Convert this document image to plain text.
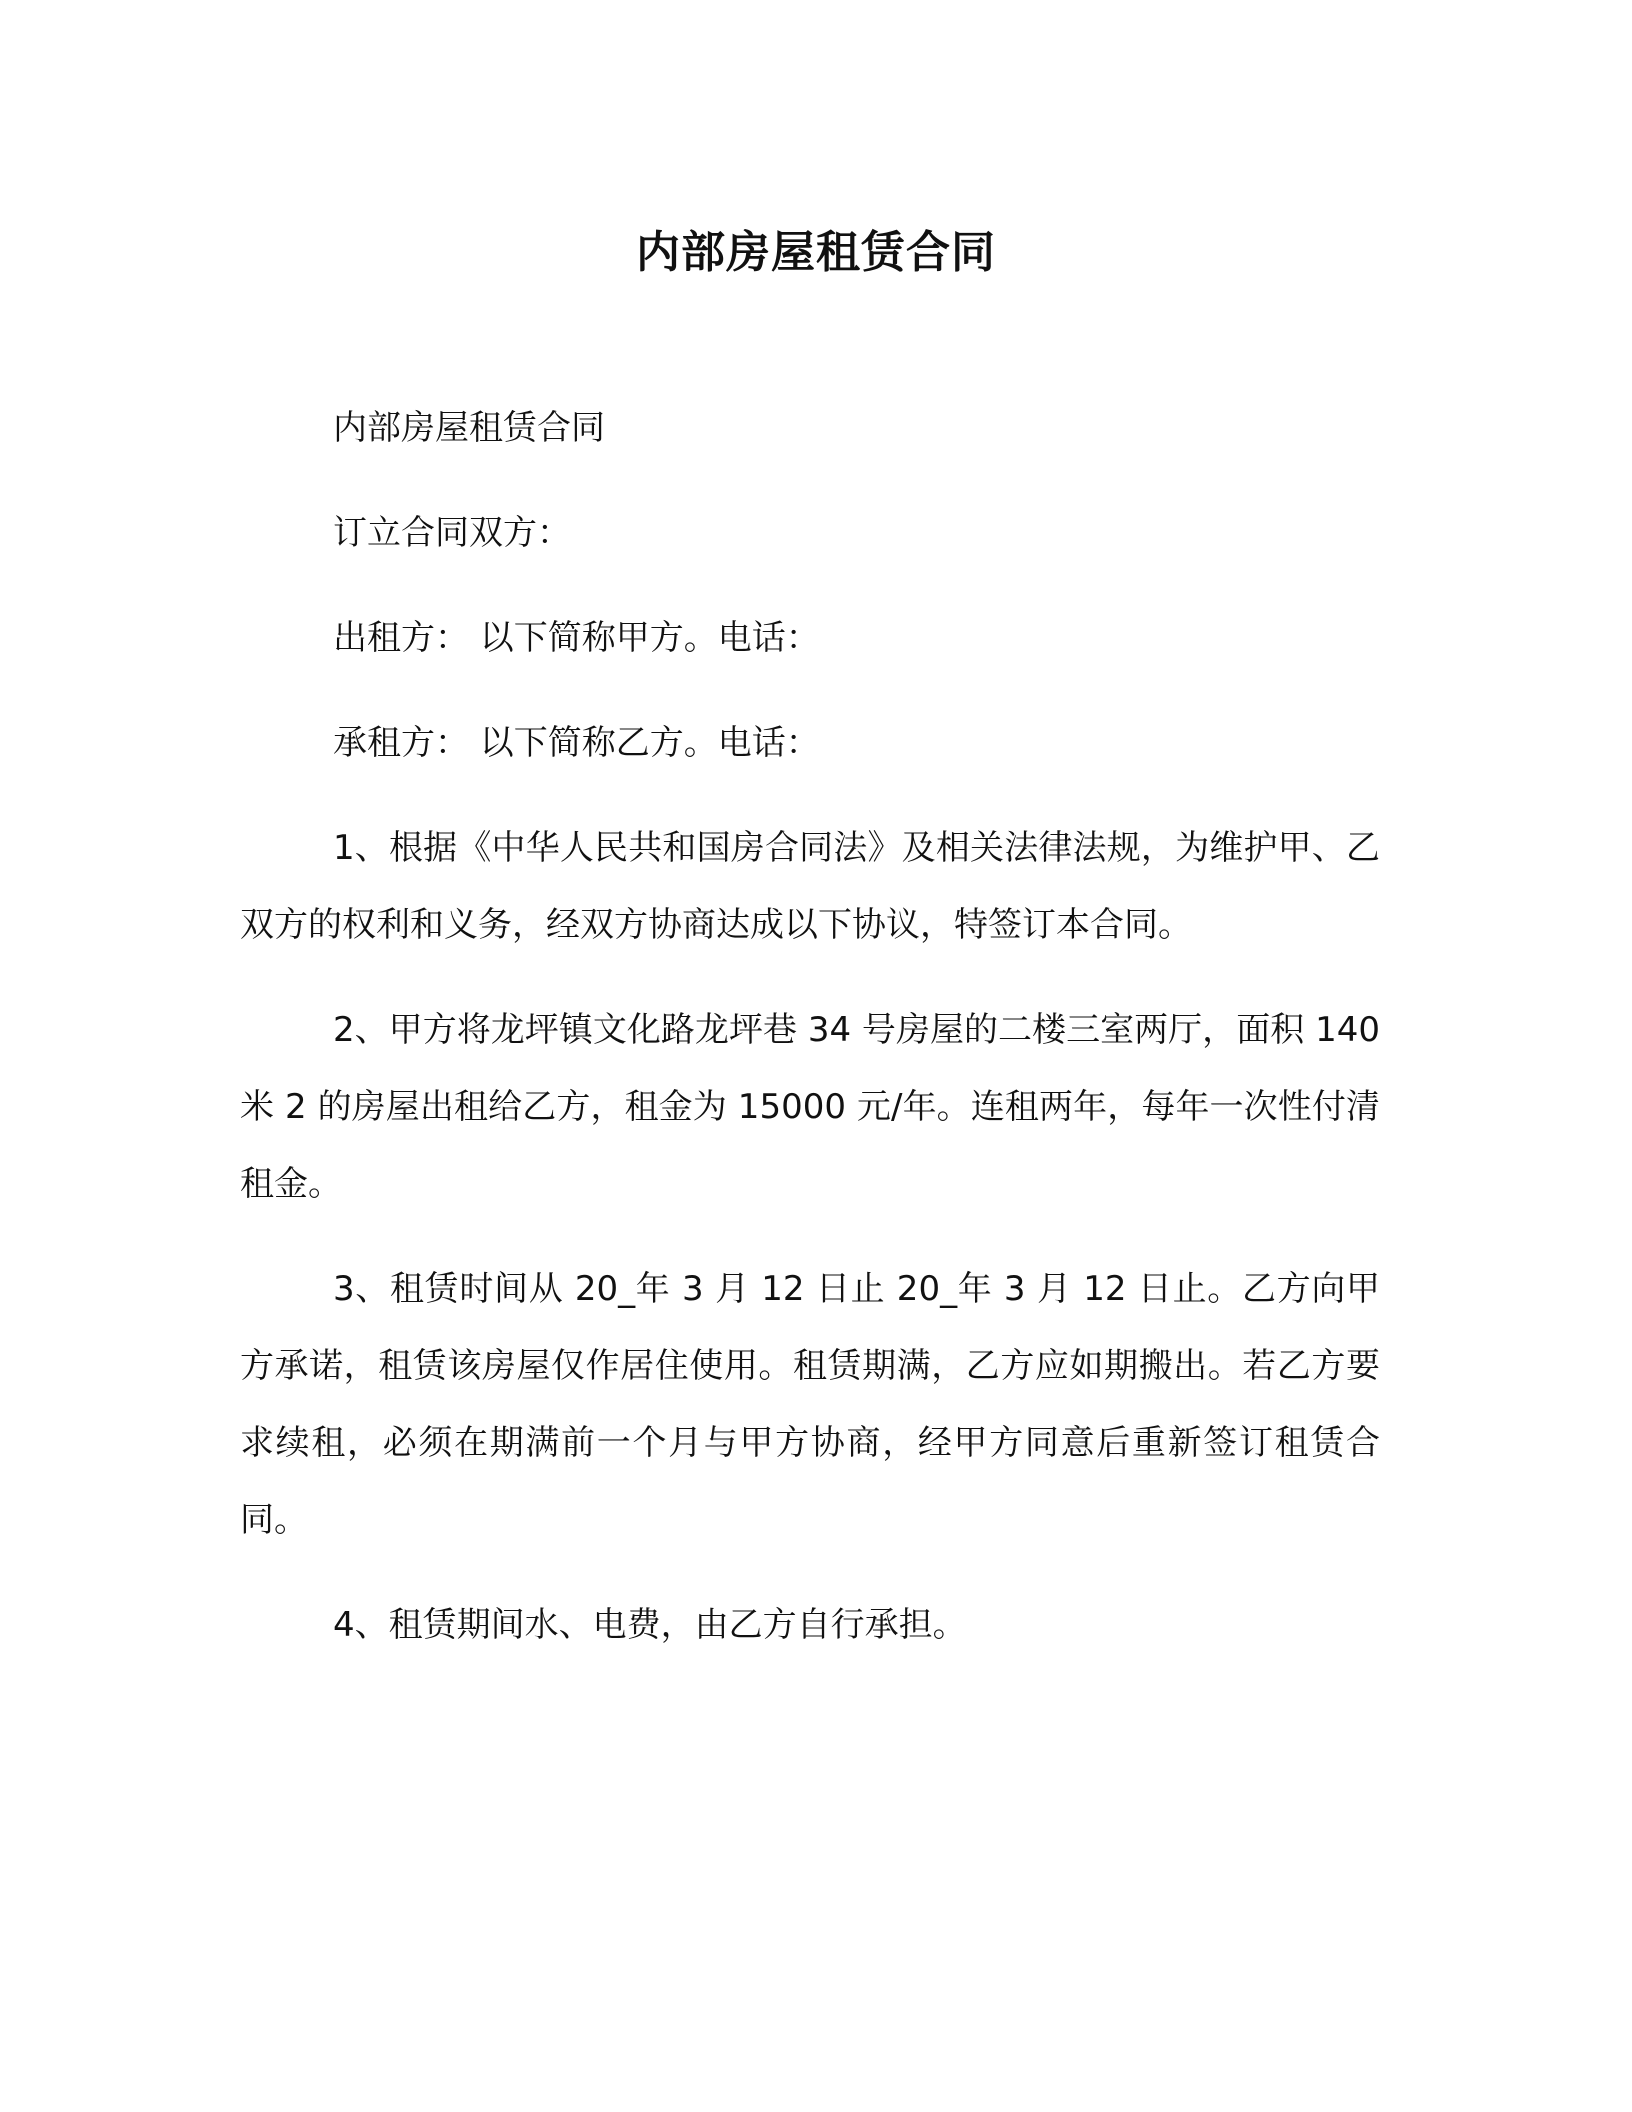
内部房屋租赁合同

内部房屋租赁合同

订立合同双方：

出租方： 以下简称甲方。电话：

承租方： 以下简称乙方。电话：

1、根据《中华人民共和国房合同法》及相关法律法规，为维护甲、乙双方的权利和义务，经双方协商达成以下协议，特签订本合同。

2、甲方将龙坪镇文化路龙坪巷 34 号房屋的二楼三室两厅，面积 140 米 2 的房屋出租给乙方，租金为 15000 元/年。连租两年，每年一次性付清租金。

3、租赁时间从 20_年 3 月 12 日止 20_年 3 月 12 日止。乙方向甲方承诺，租赁该房屋仅作居住使用。租赁期满，乙方应如期搬出。若乙方要求续租，必须在期满前一个月与甲方协商，经甲方同意后重新签订租赁合同。

4、租赁期间水、电费，由乙方自行承担。
